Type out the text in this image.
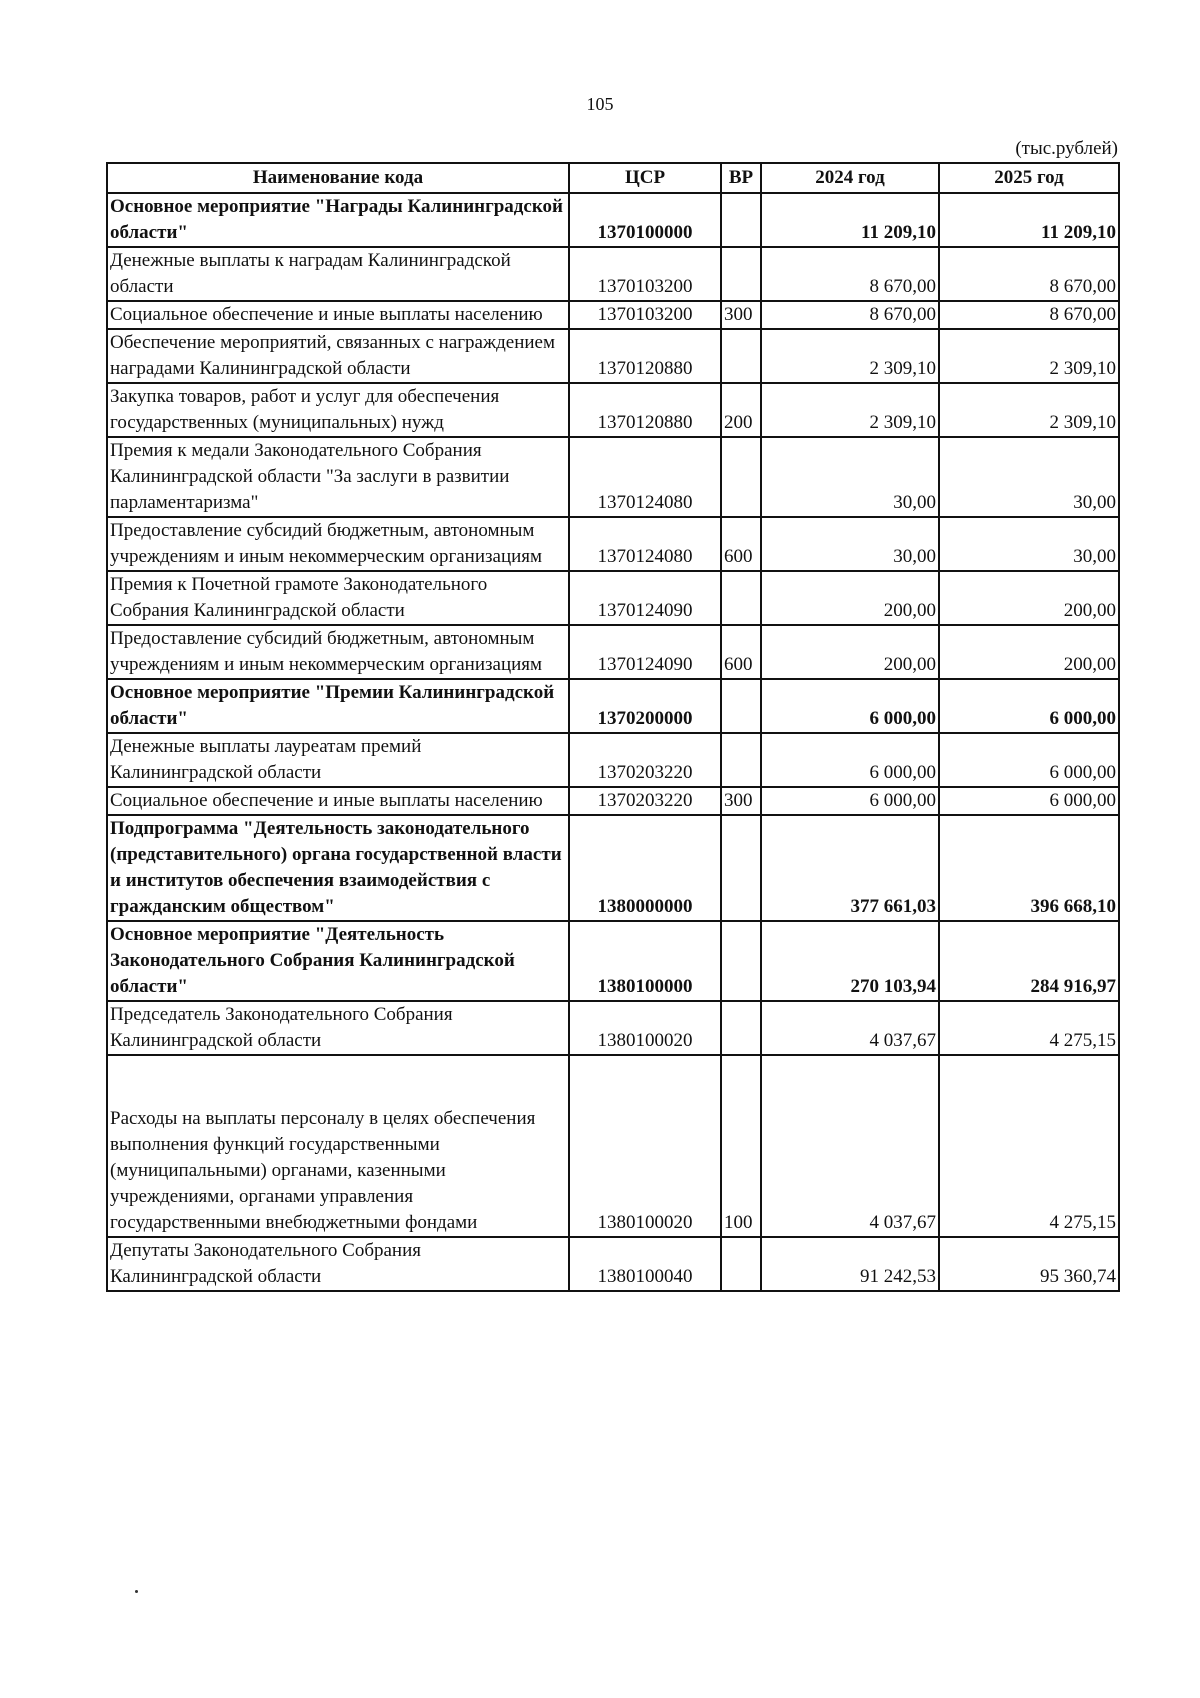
105
(тыс.рублей)
Наименование кода	ЦСР	ВР	2024 год	2025 год
Основное мероприятие "Награды Калининградской области"	1370100000		11 209,10	11 209,10
Денежные выплаты к наградам Калининградской области	1370103200		8 670,00	8 670,00
Социальное обеспечение и иные выплаты населению	1370103200	300	8 670,00	8 670,00
Обеспечение мероприятий, связанных с награждением наградами Калининградской области	1370120880		2 309,10	2 309,10
Закупка товаров, работ и услуг для обеспечения государственных (муниципальных) нужд	1370120880	200	2 309,10	2 309,10
Премия к медали Законодательного Собрания Калининградской области "За заслуги в развитии парламентаризма"	1370124080		30,00	30,00
Предоставление субсидий бюджетным, автономным учреждениям и иным некоммерческим организациям	1370124080	600	30,00	30,00
Премия к Почетной грамоте Законодательного Собрания Калининградской области	1370124090		200,00	200,00
Предоставление субсидий бюджетным, автономным учреждениям и иным некоммерческим организациям	1370124090	600	200,00	200,00
Основное мероприятие "Премии Калининградской области"	1370200000		6 000,00	6 000,00
Денежные выплаты лауреатам премий Калининградской области	1370203220		6 000,00	6 000,00
Социальное обеспечение и иные выплаты населению	1370203220	300	6 000,00	6 000,00
Подпрограмма "Деятельность законодательного (представительного) органа государственной власти и институтов обеспечения взаимодействия с гражданским обществом"	1380000000		377 661,03	396 668,10
Основное мероприятие "Деятельность Законодательного Собрания Калининградской области"	1380100000		270 103,94	284 916,97
Председатель Законодательного Собрания Калининградской области	1380100020		4 037,67	4 275,15
Расходы на выплаты персоналу в целях обеспечения выполнения функций государственными (муниципальными) органами, казенными учреждениями, органами управления государственными внебюджетными фондами	1380100020	100	4 037,67	4 275,15
Депутаты Законодательного Собрания Калининградской области	1380100040		91 242,53	95 360,74
